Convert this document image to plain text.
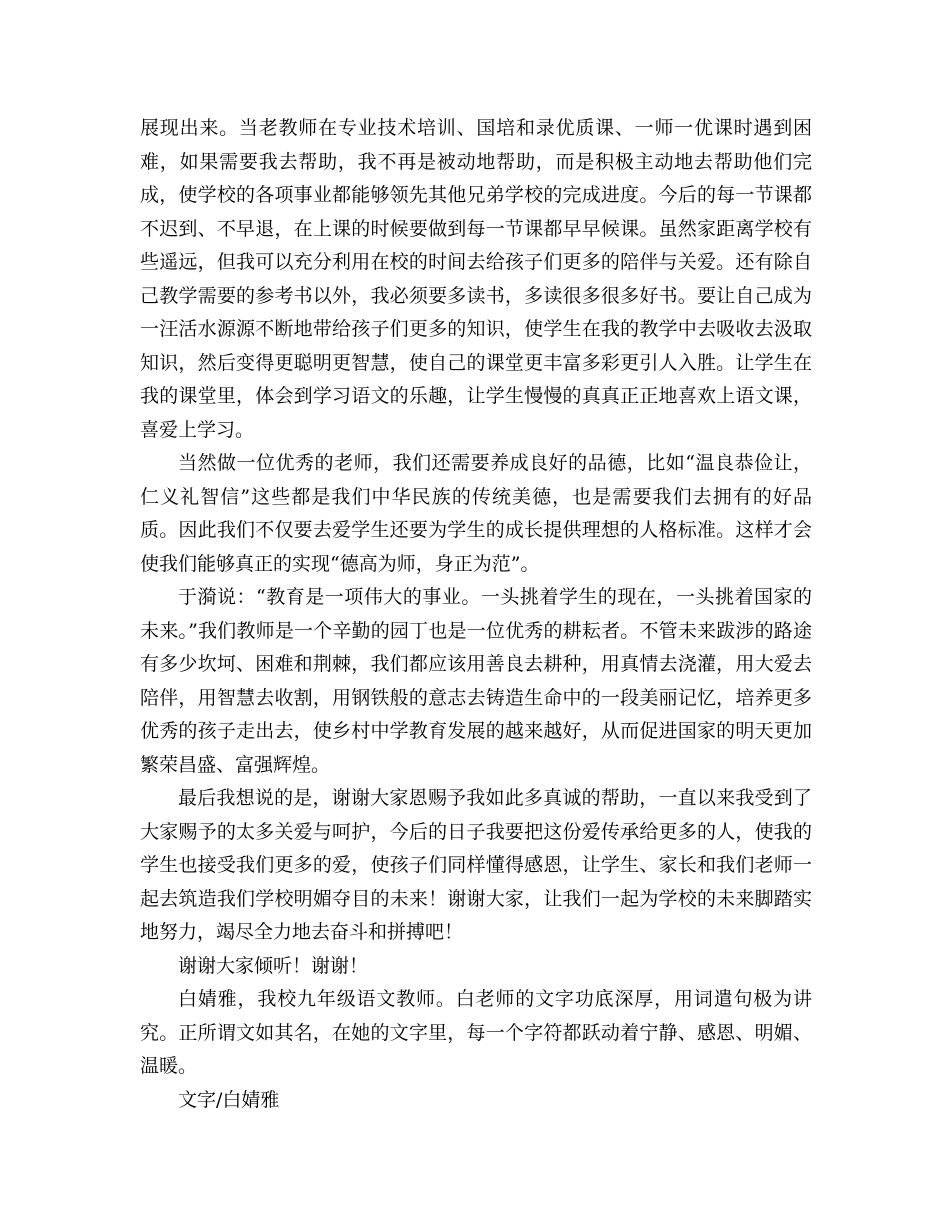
展现出来。当老教师在专业技术培训、国培和录优质课、一师一优课时遇到困难，如果需要我去帮助，我不再是被动地帮助，而是积极主动地去帮助他们完成，使学校的各项事业都能够领先其他兄弟学校的完成进度。今后的每一节课都不迟到、不早退，在上课的时候要做到每一节课都早早候课。虽然家距离学校有些遥远，但我可以充分利用在校的时间去给孩子们更多的陪伴与关爱。还有除自己教学需要的参考书以外，我必须要多读书，多读很多很多好书。要让自己成为一汪活水源源不断地带给孩子们更多的知识，使学生在我的教学中去吸收去汲取知识，然后变得更聪明更智慧，使自己的课堂更丰富多彩更引人入胜。让学生在我的课堂里，体会到学习语文的乐趣，让学生慢慢的真真正正地喜欢上语文课，喜爱上学习。

当然做一位优秀的老师，我们还需要养成良好的品德，比如“温良恭俭让，仁义礼智信”这些都是我们中华民族的传统美德，也是需要我们去拥有的好品质。因此我们不仅要去爱学生还要为学生的成长提供理想的人格标准。这样才会使我们能够真正的实现“德高为师，身正为范”。

于漪说：“教育是一项伟大的事业。一头挑着学生的现在，一头挑着国家的未来。”我们教师是一个辛勤的园丁也是一位优秀的耕耘者。不管未来跋涉的路途有多少坎坷、困难和荆棘，我们都应该用善良去耕种，用真情去浇灌，用大爱去陪伴，用智慧去收割，用钢铁般的意志去铸造生命中的一段美丽记忆，培养更多优秀的孩子走出去，使乡村中学教育发展的越来越好，从而促进国家的明天更加繁荣昌盛、富强辉煌。

最后我想说的是，谢谢大家恩赐予我如此多真诚的帮助，一直以来我受到了大家赐予的太多关爱与呵护，今后的日子我要把这份爱传承给更多的人，使我的学生也接受我们更多的爱，使孩子们同样懂得感恩，让学生、家长和我们老师一起去筑造我们学校明媚夺目的未来！谢谢大家，让我们一起为学校的未来脚踏实地努力，竭尽全力地去奋斗和拼搏吧！

谢谢大家倾听！谢谢！

白婧雅，我校九年级语文教师。白老师的文字功底深厚，用词遣句极为讲究。正所谓文如其名，在她的文字里，每一个字符都跃动着宁静、感恩、明媚、温暖。

文字/白婧雅
